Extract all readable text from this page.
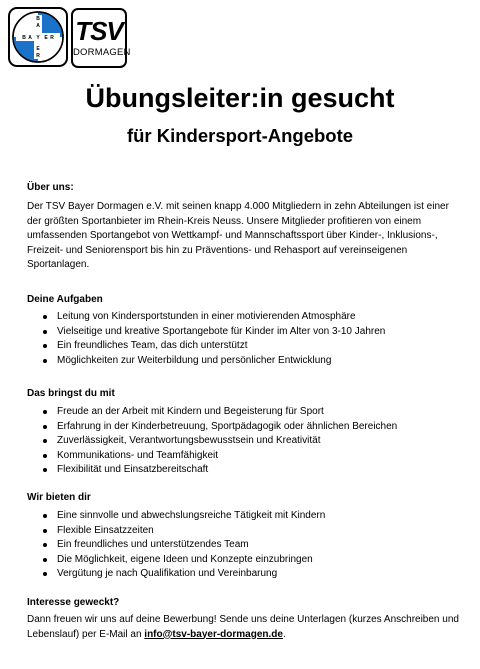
B
A
Y
E
R
B A	E R TSV
DORMAGEN
Übungsleiter:in gesucht
für Kindersport-Angebote

Über uns:

Der TSV Bayer Dormagen e.V. mit seinen knapp 4.000 Mitgliedern in zehn Abteilungen ist einer der größten Sportanbieter im Rhein-Kreis Neuss. Unsere Mitglieder profitieren von einem umfassenden Sportangebot von Wettkampf- und Mannschaftssport über Kinder-, Inklusions-, Freizeit- und Seniorensport bis hin zu Präventions- und Rehasport auf vereinseigenen Sportanlagen.

Deine Aufgaben

Leitung von Kindersportstunden in einer motivierenden Atmosphäre
Vielseitige und kreative Sportangebote für Kinder im Alter von 3-10 Jahren
Ein freundliches Team, das dich unterstützt
Möglichkeiten zur Weiterbildung und persönlicher Entwicklung

Das bringst du mit

Freude an der Arbeit mit Kindern und Begeisterung für Sport
Erfahrung in der Kinderbetreuung, Sportpädagogik oder ähnlichen Bereichen
Zuverlässigkeit, Verantwortungsbewusstsein und Kreativität
Kommunikations- und Teamfähigkeit
Flexibilität und Einsatzbereitschaft

Wir bieten dir

Eine sinnvolle und abwechslungsreiche Tätigkeit mit Kindern
Flexible Einsatzzeiten
Ein freundliches und unterstützendes Team
Die Möglichkeit, eigene Ideen und Konzepte einzubringen
Vergütung je nach Qualifikation und Vereinbarung

Interesse geweckt?

Dann freuen wir uns auf deine Bewerbung! Sende uns deine Unterlagen (kurzes Anschreiben und Lebenslauf) per E-Mail an info@tsv-bayer-dormagen.de.
